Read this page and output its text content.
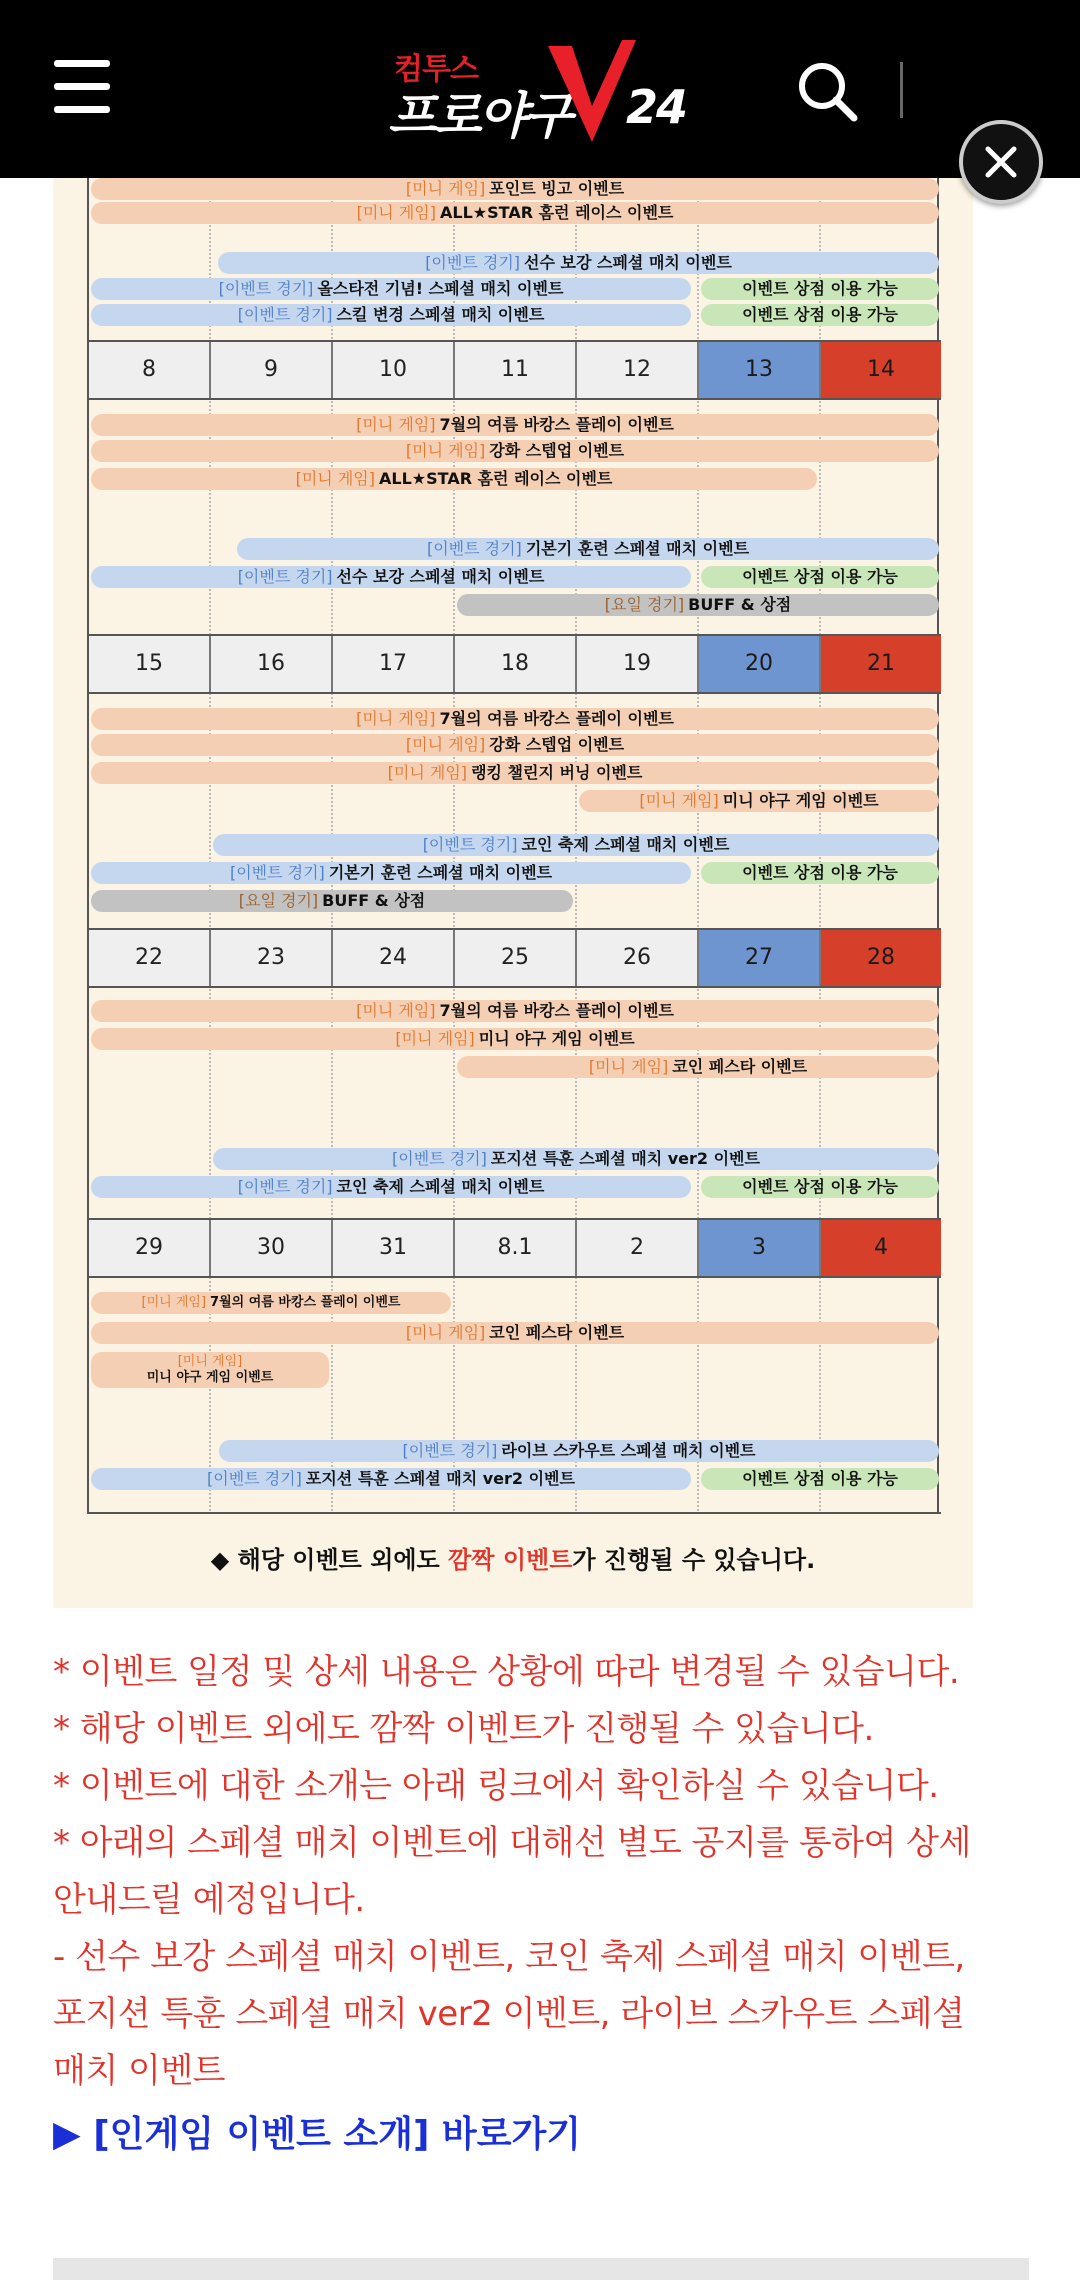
컴투스
프로야구 24
[미니 게임] 포인트 빙고 이벤트
[미니 게임] ALL★STAR 홈런 레이스 이벤트
[이벤트 경기] 선수 보강 스페셜 매치 이벤트
[이벤트 경기] 올스타전 기념! 스페셜 매치 이벤트	이벤트 상점 이용 가능
[이벤트 경기] 스킬 변경 스페셜 매치 이벤트	이벤트 상점 이용 가능
8	9	10	11	12	13	14
[미니 게임] 7월의 여름 바캉스 플레이 이벤트
[미니 게임] 강화 스텝업 이벤트
[미니 게임] ALL★STAR 홈런 레이스 이벤트
[이벤트 경기] 기본기 훈련 스페셜 매치 이벤트
[이벤트 경기] 선수 보강 스페셜 매치 이벤트	이벤트 상점 이용 가능
[요일 경기] BUFF & 상점
15	16	17	18	19	20	21
[미니 게임] 7월의 여름 바캉스 플레이 이벤트
[미니 게임] 강화 스텝업 이벤트
[미니 게임] 랭킹 챌린지 버닝 이벤트
[미니 게임] 미니 야구 게임 이벤트
[이벤트 경기] 코인 축제 스페셜 매치 이벤트
[이벤트 경기] 기본기 훈련 스페셜 매치 이벤트	이벤트 상점 이용 가능
[요일 경기] BUFF & 상점
22	23	24	25	26	27	28
[미니 게임] 7월의 여름 바캉스 플레이 이벤트
[미니 게임] 미니 야구 게임 이벤트
[미니 게임] 코인 페스타 이벤트
[이벤트 경기] 포지션 특훈 스페셜 매치 ver2 이벤트
[이벤트 경기] 코인 축제 스페셜 매치 이벤트	이벤트 상점 이용 가능
29	30	31	8.1	2	3	4
[미니 게임] 7월의 여름 바캉스 플레이 이벤트
[미니 게임] 코인 페스타 이벤트
[미니 게임]
미니 야구 게임 이벤트
[이벤트 경기] 라이브 스카우트 스페셜 매치 이벤트
[이벤트 경기] 포지션 특훈 스페셜 매치 ver2 이벤트	이벤트 상점 이용 가능
◆ 해당 이벤트 외에도 깜짝 이벤트가 진행될 수 있습니다.
* 이벤트 일정 및 상세 내용은 상황에 따라 변경될 수 있습니다.
* 해당 이벤트 외에도 깜짝 이벤트가 진행될 수 있습니다.
* 이벤트에 대한 소개는 아래 링크에서 확인하실 수 있습니다.
* 아래의 스페셜 매치 이벤트에 대해선 별도 공지를 통하여 상세
안내드릴 예정입니다.
- 선수 보강 스페셜 매치 이벤트, 코인 축제 스페셜 매치 이벤트,
포지션 특훈 스페셜 매치 ver2 이벤트, 라이브 스카우트 스페셜
매치 이벤트
▶ [인게임 이벤트 소개] 바로가기
